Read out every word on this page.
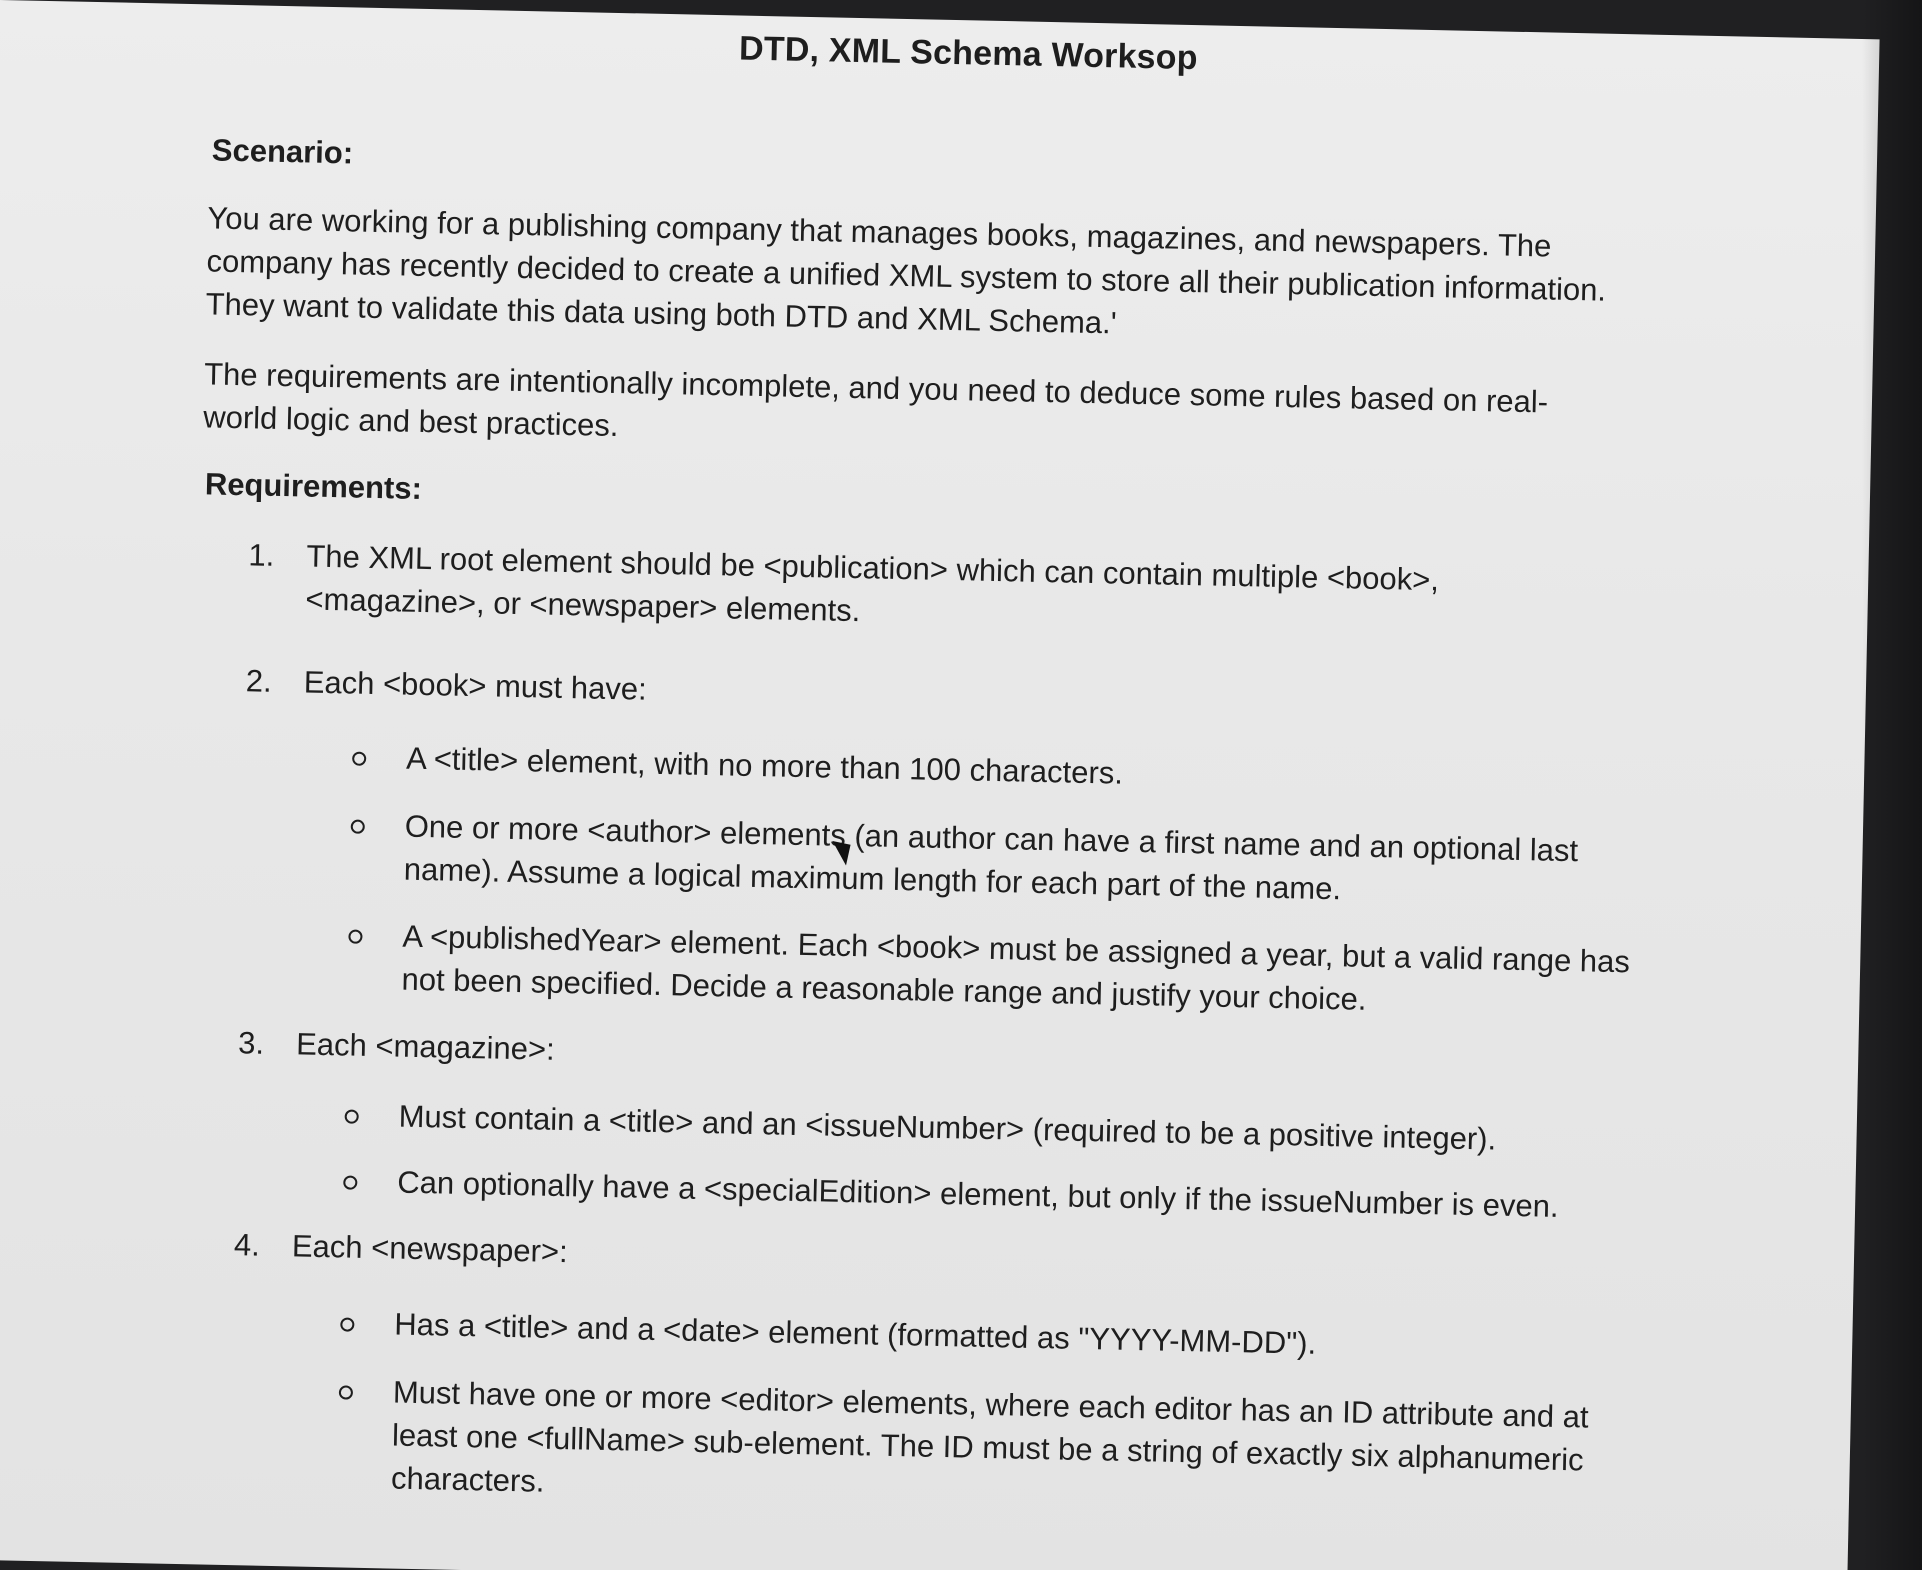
DTD, XML Schema Worksop
Scenario:
You are working for a publishing company that manages books, magazines, and newspapers. The company has recently decided to create a unified XML system to store all their publication information. They want to validate this data using both DTD and XML Schema.'
The requirements are intentionally incomplete, and you need to deduce some rules based on real-world logic and best practices.
Requirements:
1. The XML root element should be <publication> which can contain multiple <book>, <magazine>, or <newspaper> elements.
2. Each <book> must have:
A <title> element, with no more than 100 characters.
One or more <author> elements (an author can have a first name and an optional last name). Assume a logical maximum length for each part of the name.
A <publishedYear> element. Each <book> must be assigned a year, but a valid range has not been specified. Decide a reasonable range and justify your choice.
3. Each <magazine>:
Must contain a <title> and an <issueNumber> (required to be a positive integer).
Can optionally have a <specialEdition> element, but only if the issueNumber is even.
4. Each <newspaper>:
Has a <title> and a <date> element (formatted as "YYYY-MM-DD").
Must have one or more <editor> elements, where each editor has an ID attribute and at least one <fullName> sub-element. The ID must be a string of exactly six alphanumeric characters.
